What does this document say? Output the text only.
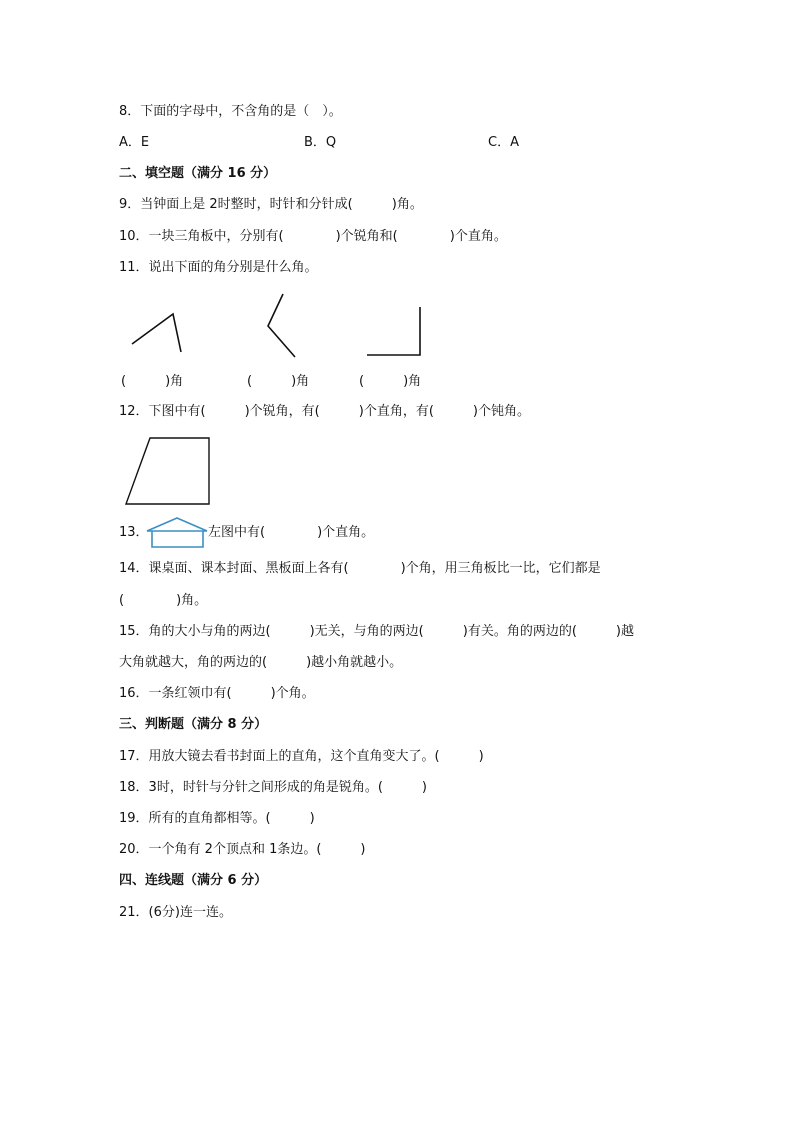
8．下面的字母中，不含角的是（　）。
A．E	B．Q	C．A
二、填空题（满分 16 分）
9．当钟面上是 2时整时，时针和分针成(　　　)角。
10．一块三角板中，分别有(　　　　)个锐角和(　　　　)个直角。
11．说出下面的角分别是什么角。
(　　　)角	(　　　)角	(　　　)角
12．下图中有(　　　)个锐角，有(　　　)个直角，有(　　　)个钝角。
13．	左图中有(　　　　)个直角。
14．课桌面、课本封面、黑板面上各有(　　　　)个角，用三角板比一比，它们都是
(　　　　)角。
15．角的大小与角的两边(　　　)无关，与角的两边(　　　)有关。角的两边的(　　　)越
大角就越大，角的两边的(　　　)越小角就越小。
16．一条红领巾有(　　　)个角。
三、判断题（满分 8 分）
17．用放大镜去看书封面上的直角，这个直角变大了。(　　　)
18．3时，时针与分针之间形成的角是锐角。(　　　)
19．所有的直角都相等。(　　　)
20．一个角有 2个顶点和 1条边。(　　　)
四、连线题（满分 6 分）
21．(6分)连一连。
